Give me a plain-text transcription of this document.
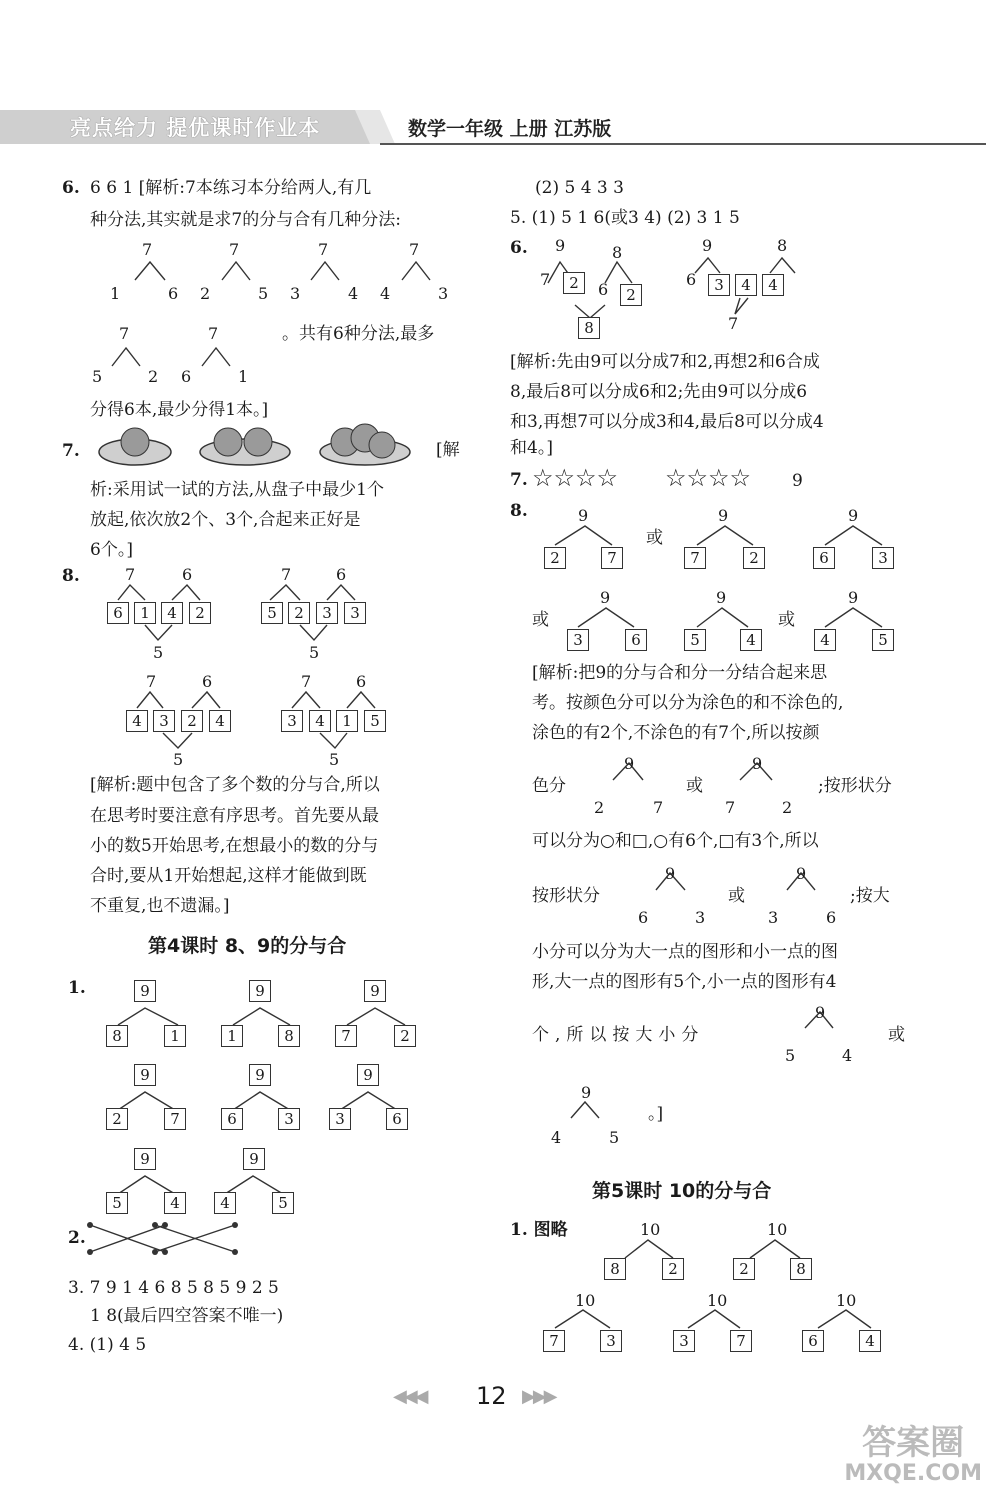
亮点给力 提优课时作业本	数学一年级 上册 江苏版
6. 6 6 1 [解析:7本练习本分给两人,有几
种分法,其实就是求7的分与合有几种分法:
7	7	7	7
1	6 2	5 3	4 4	3
7	7	。共有6种分法,最多
5	2 6	1
分得6本,最少分得1本。]
7.	[解
析:采用试一试的方法,从盘子中最少1个
放起,依次放2个、3个,合起来正好是
6个。]
8.	7	6
6	1	4	2
5
7	6
5	2	3	3
5
7	6
4	3	2	4
5
7	6
3	4	1	5
5
[解析:题中包含了多个数的分与合,所以
在思考时要注意有序思考。首先要从最
小的数5开始思考,在想最小的数的分与
合时,要从1开始想起,这样才能做到既
不重复,也不遗漏。]
第4课时 8、9的分与合
1.	9
8	1
9
1	8
9
7	2
9
2	7
9
6	3
9
3	6
9
5	4
9
4	5
2.
3. 7 9 1 4 6 8 5 8 5 9 2 5
1 8(最后四空答案不唯一)
4. (1) 4 5
(2) 5 4 3 3
5. (1) 5 1 6(或3 4) (2) 3 1 5
6. 9	8
7	2	6	2
8
9	8
6	3	4	4
7
[解析:先由9可以分成7和2,再想2和6合成
8,最后8可以分成6和2;先由9可以分成6
和3,再想7可以分成3和4,最后8可以分成4
和4。]
7. ☆☆☆☆ ☆☆☆☆ 9
8.	9
2	7
或
9
7	2
9
6	3
或
9
3	6
9
5	4
或
9
4	5
[解析:把9的分与合和分一分结合起来思
考。按颜色分可以分为涂色的和不涂色的,
涂色的有2个,不涂色的有7个,所以按颜
色分
9
2	7
或
9
7	2
;按形状分
可以分为○和□,○有6个,□有3个,所以
按形状分
9
6	3
或
9
3	6
;按大
小分可以分为大一点的图形和小一点的图
形,大一点的图形有5个,小一点的图形有4
个,所以按大小分
9
5	4
或
9
4	5
。]
第5课时 10的分与合
1. 图略	10
8	2
10
2	8
10
7	3
10
3	7
10
6	4
◀◀◀ 12 ▶▶▶
答案圈
MXQE.COM
